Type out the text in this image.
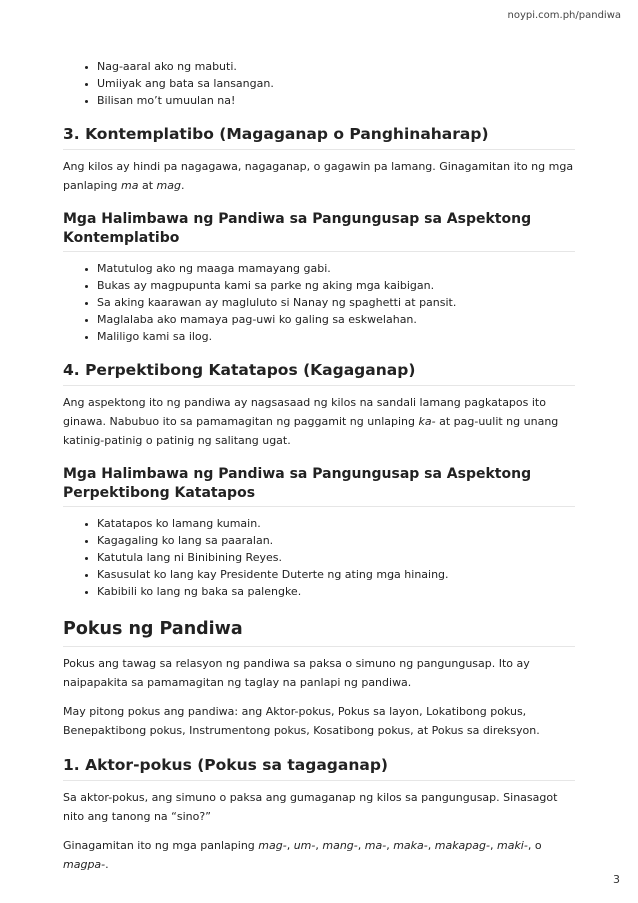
noypi.com.ph/pandiwa
• Nag-aaral ako ng mabuti.
• Umiiyak ang bata sa lansangan.
• Bilisan mo’t umuulan na!
3. Kontemplatibo (Magaganap o Panghinaharap)

Ang kilos ay hindi pa nagagawa, nagaganap, o gagawin pa lamang. Ginagamitan ito ng mga panlaping ma at mag.

Mga Halimbawa ng Pandiwa sa Pangungusap sa Aspektong Kontemplatibo
• Matutulog ako ng maaga mamayang gabi.
• Bukas ay magpupunta kami sa parke ng aking mga kaibigan.
• Sa aking kaarawan ay magluluto si Nanay ng spaghetti at pansit.
• Maglalaba ako mamaya pag-uwi ko galing sa eskwelahan.
• Maliligo kami sa ilog.
4. Perpektibong Katatapos (Kagaganap)

Ang aspektong ito ng pandiwa ay nagsasaad ng kilos na sandali lamang pagkatapos ito ginawa. Nabubuo ito sa pamamagitan ng paggamit ng unlaping ka- at pag-uulit ng unang katinig-patinig o patinig ng salitang ugat.

Mga Halimbawa ng Pandiwa sa Pangungusap sa Aspektong Perpektibong Katatapos
• Katatapos ko lamang kumain.
• Kagagaling ko lang sa paaralan.
• Katutula lang ni Binibining Reyes.
• Kasusulat ko lang kay Presidente Duterte ng ating mga hinaing.
• Kabibili ko lang ng baka sa palengke.
Pokus ng Pandiwa

Pokus ang tawag sa relasyon ng pandiwa sa paksa o simuno ng pangungusap. Ito ay naipapakita sa pamamagitan ng taglay na panlapi ng pandiwa.

May pitong pokus ang pandiwa: ang Aktor-pokus, Pokus sa layon, Lokatibong pokus, Benepaktibong pokus, Instrumentong pokus, Kosatibong pokus, at Pokus sa direksyon.

1. Aktor-pokus (Pokus sa tagaganap)

Sa aktor-pokus, ang simuno o paksa ang gumaganap ng kilos sa pangungusap. Sinasagot nito ang tanong na “sino?”

Ginagamitan ito ng mga panlaping mag-, um-, mang-, ma-, maka-, makapag-, maki-, o magpa-.

3
